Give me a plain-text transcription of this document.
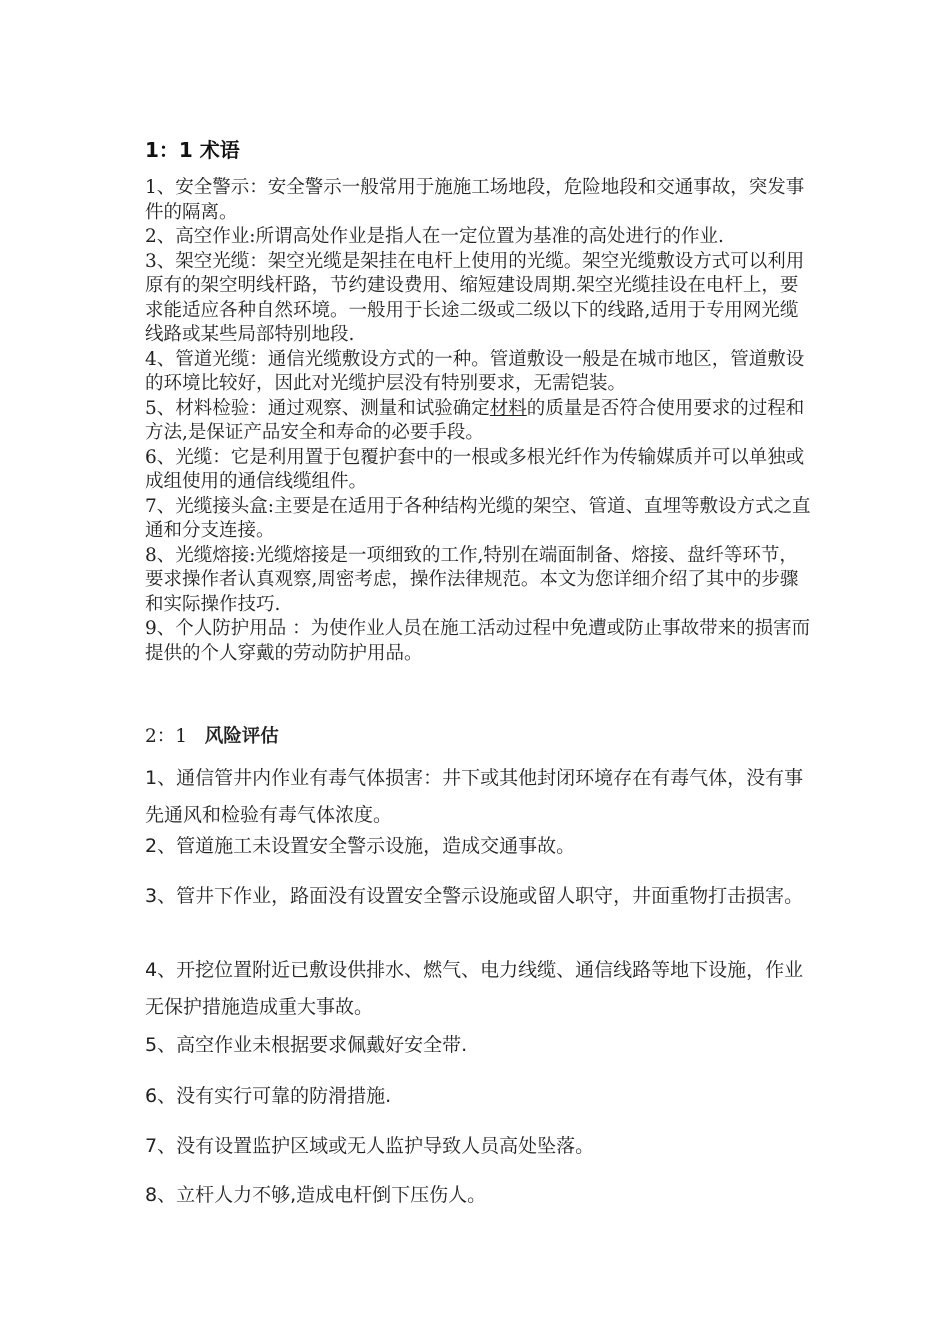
1：1 术语
1、安全警示：安全警示一般常用于施施工场地段，危险地段和交通事故，突发事件的隔离。
2、高空作业:所谓高处作业是指人在一定位置为基准的高处进行的作业.
3、架空光缆：架空光缆是架挂在电杆上使用的光缆。架空光缆敷设方式可以利用原有的架空明线杆路，节约建设费用、缩短建设周期.架空光缆挂设在电杆上，要求能适应各种自然环境。一般用于长途二级或二级以下的线路,适用于专用网光缆线路或某些局部特别地段.
4、管道光缆：通信光缆敷设方式的一种。管道敷设一般是在城市地区，管道敷设的环境比较好，因此对光缆护层没有特别要求，无需铠装。
5、材料检验：通过观察、测量和试验确定材料的质量是否符合使用要求的过程和方法,是保证产品安全和寿命的必要手段。
6、光缆：它是利用置于包覆护套中的一根或多根光纤作为传输媒质并可以单独或成组使用的通信线缆组件。
7、光缆接头盒:主要是在适用于各种结构光缆的架空、管道、直埋等敷设方式之直通和分支连接。
8、光缆熔接:光缆熔接是一项细致的工作,特别在端面制备、熔接、盘纤等环节，要求操作者认真观察,周密考虑，操作法律规范。本文为您详细介绍了其中的步骤和实际操作技巧.
9、个人防护用品 ：为使作业人员在施工活动过程中免遭或防止事故带来的损害而提供的个人穿戴的劳动防护用品。
2：1 风险评估
1、通信管井内作业有毒气体损害：井下或其他封闭环境存在有毒气体，没有事先通风和检验有毒气体浓度。
2、管道施工未设置安全警示设施，造成交通事故。
3、管井下作业，路面没有设置安全警示设施或留人职守，井面重物打击损害。
4、开挖位置附近已敷设供排水、燃气、电力线缆、通信线路等地下设施，作业无保护措施造成重大事故。
5、高空作业未根据要求佩戴好安全带.
6、没有实行可靠的防滑措施.
7、没有设置监护区域或无人监护导致人员高处坠落。
8、立杆人力不够,造成电杆倒下压伤人。
